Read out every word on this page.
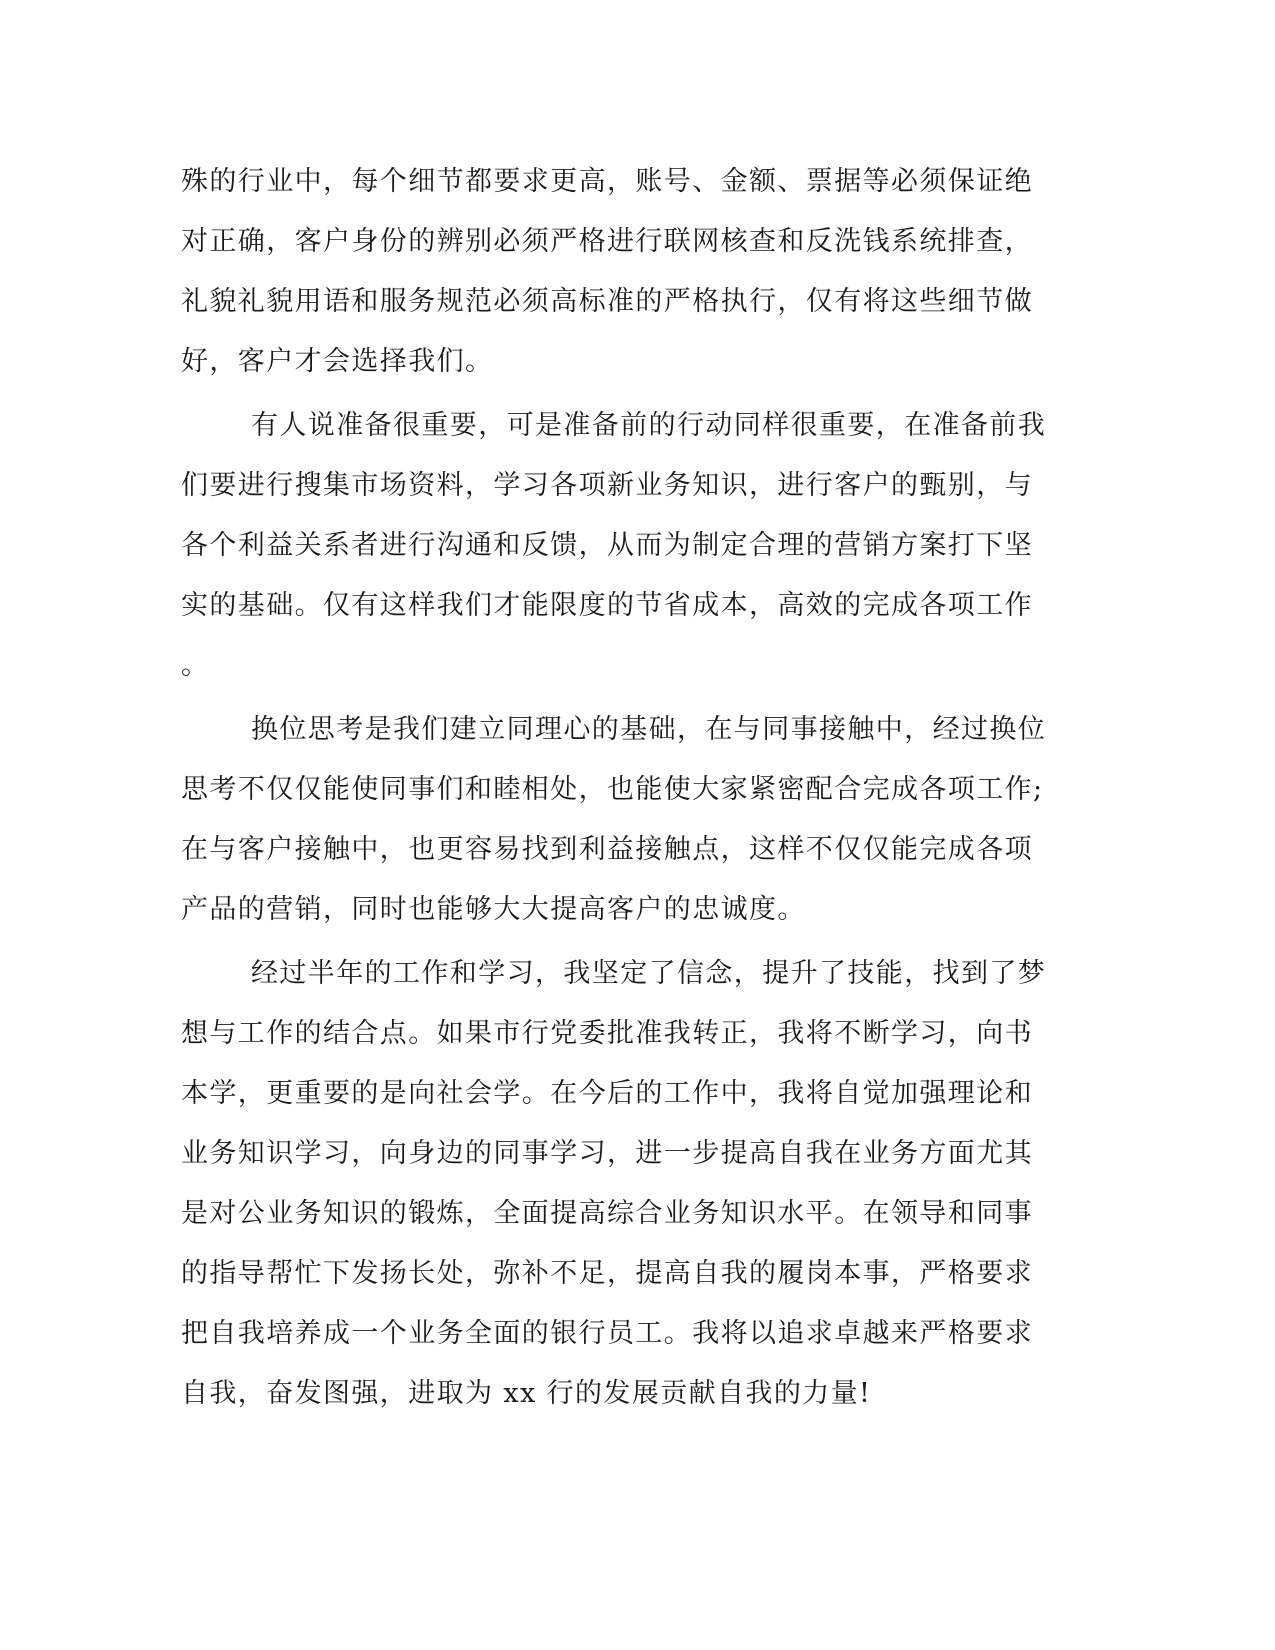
殊的行业中，每个细节都要求更高，账号、金额、票据等必须保证绝
对正确，客户身份的辨别必须严格进行联网核查和反洗钱系统排查，
礼貌礼貌用语和服务规范必须高标准的严格执行，仅有将这些细节做
好，客户才会选择我们。
有人说准备很重要，可是准备前的行动同样很重要，在准备前我
们要进行搜集市场资料，学习各项新业务知识，进行客户的甄别，与
各个利益关系者进行沟通和反馈，从而为制定合理的营销方案打下坚
实的基础。仅有这样我们才能限度的节省成本，高效的完成各项工作
。
换位思考是我们建立同理心的基础，在与同事接触中，经过换位
思考不仅仅能使同事们和睦相处，也能使大家紧密配合完成各项工作;
在与客户接触中，也更容易找到利益接触点，这样不仅仅能完成各项
产品的营销，同时也能够大大提高客户的忠诚度。
经过半年的工作和学习，我坚定了信念，提升了技能，找到了梦
想与工作的结合点。如果市行党委批准我转正，我将不断学习，向书
本学，更重要的是向社会学。在今后的工作中，我将自觉加强理论和
业务知识学习，向身边的同事学习，进一步提高自我在业务方面尤其
是对公业务知识的锻炼，全面提高综合业务知识水平。在领导和同事
的指导帮忙下发扬长处，弥补不足，提高自我的履岗本事，严格要求
把自我培养成一个业务全面的银行员工。我将以追求卓越来严格要求
自我，奋发图强，进取为 xx 行的发展贡献自我的力量!
